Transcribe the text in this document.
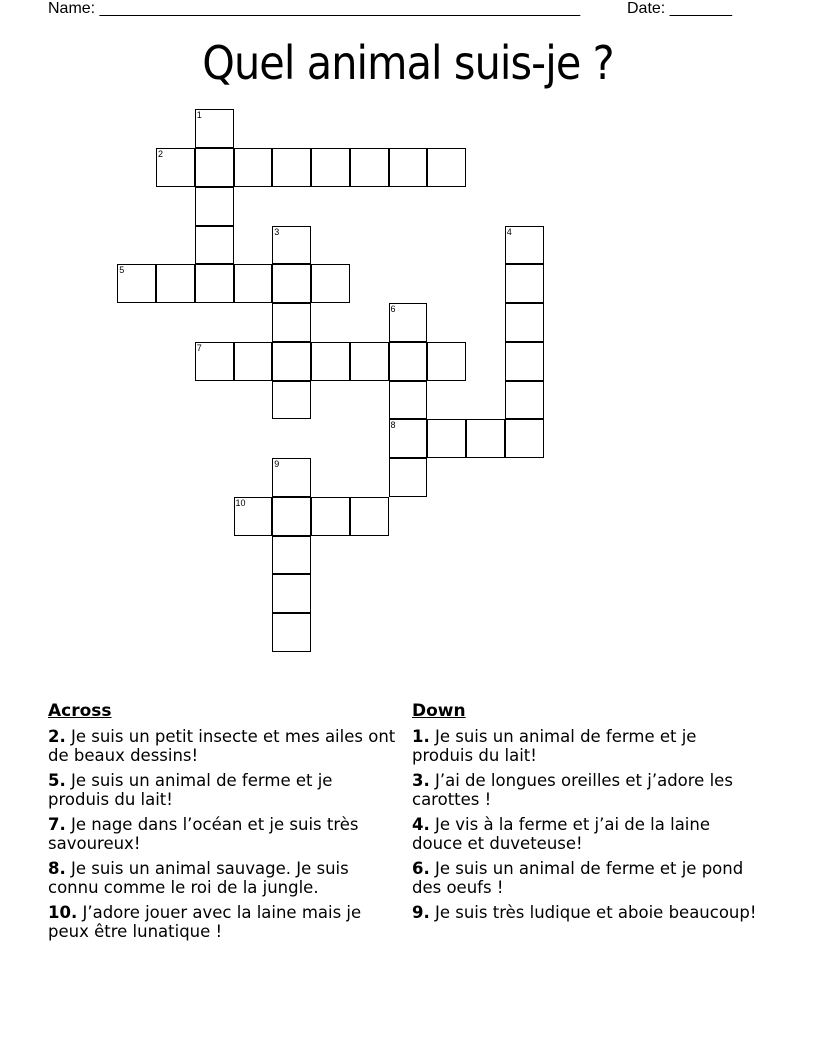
Name: ______________________________________________________	Date: _______
Quel animal suis-je ?
1
2
3	4
5
6
8
7
9
10
Across
2. Je suis un petit insecte et mes ailes ont de beaux dessins!
5. Je suis un animal de ferme et je produis du lait!
7. Je nage dans l’océan et je suis très savoureux!
8. Je suis un animal sauvage. Je suis connu comme le roi de la jungle.
10. J’adore jouer avec la laine mais je peux être lunatique !
Down
1. Je suis un animal de ferme et je produis du lait!
3. J’ai de longues oreilles et j’adore les carottes !
4. Je vis à la ferme et j’ai de la laine douce et duveteuse!
6. Je suis un animal de ferme et je pond des oeufs !
9. Je suis très ludique et aboie beaucoup!
